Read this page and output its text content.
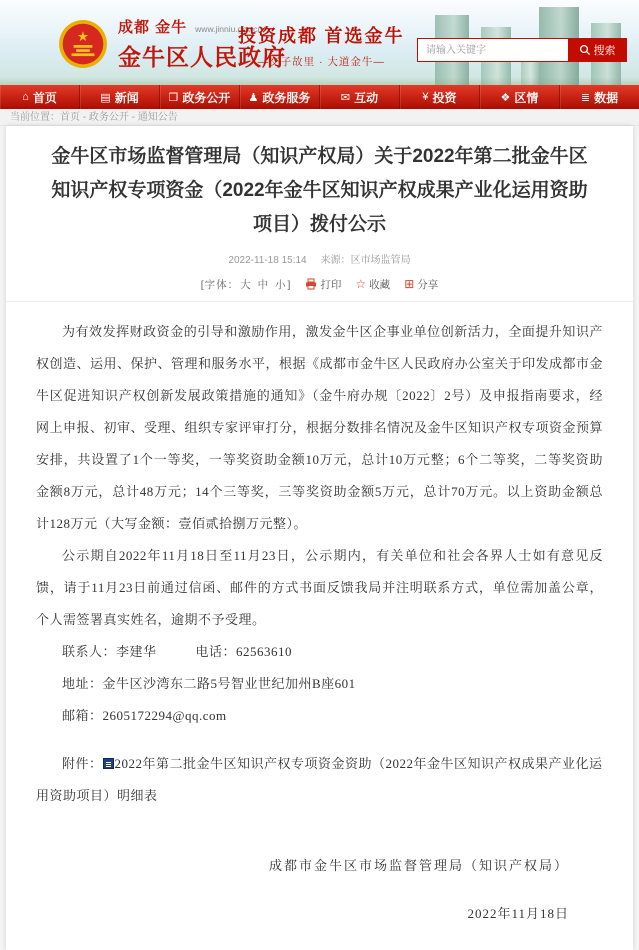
★
成都 金牛 www.jinniu.gov.cn
金牛区人民政府
投资成都 首选金牛
—交子故里 · 大道金牛—
请输入关键字
搜索
⌂ 首页	▤ 新闻	❐ 政务公开 ♟ 政务服务	✉ 互动	¥ 投资	❖ 区情	≣ 数据
当前位置：首页 - 政务公开 - 通知公告
金牛区市场监督管理局（知识产权局）关于2022年第二批金牛区知识产权专项资金（2022年金牛区知识产权成果产业化运用资助项目）拨付公示
2022-11-18 15:14 来源：区市场监管局
[字体：大 中 小]	打印 ☆ 收藏 ⊞ 分享

为有效发挥财政资金的引导和激励作用，激发金牛区企事业单位创新活力，全面提升知识产权创造、运用、保护、管理和服务水平，根据《成都市金牛区人民政府办公室关于印发成都市金牛区促进知识产权创新发展政策措施的通知》（金牛府办规〔2022〕2号）及申报指南要求，经网上申报、初审、受理、组织专家评审打分，根据分数排名情况及金牛区知识产权专项资金预算安排，共设置了1个一等奖，一等奖资助金额10万元，总计10万元整；6个二等奖，二等奖资助金额8万元，总计48万元；14个三等奖，三等奖资助金额5万元，总计70万元。以上资助金额总计128万元（大写金额：壹佰贰拾捌万元整）。

公示期自2022年11月18日至11月23日，公示期内，有关单位和社会各界人士如有意见反馈，请于11月23日前通过信函、邮件的方式书面反馈我局并注明联系方式，单位需加盖公章，个人需签署真实姓名，逾期不予受理。

联系人：李建华	电话：62563610

地址：金牛区沙湾东二路5号智业世纪加州B座601

邮箱：2605172294@qq.com

附件： 2022年第二批金牛区知识产权专项资金资助（2022年金牛区知识产权成果产业化运用资助项目）明细表

成都市金牛区市场监督管理局（知识产权局）
2022年11月18日
